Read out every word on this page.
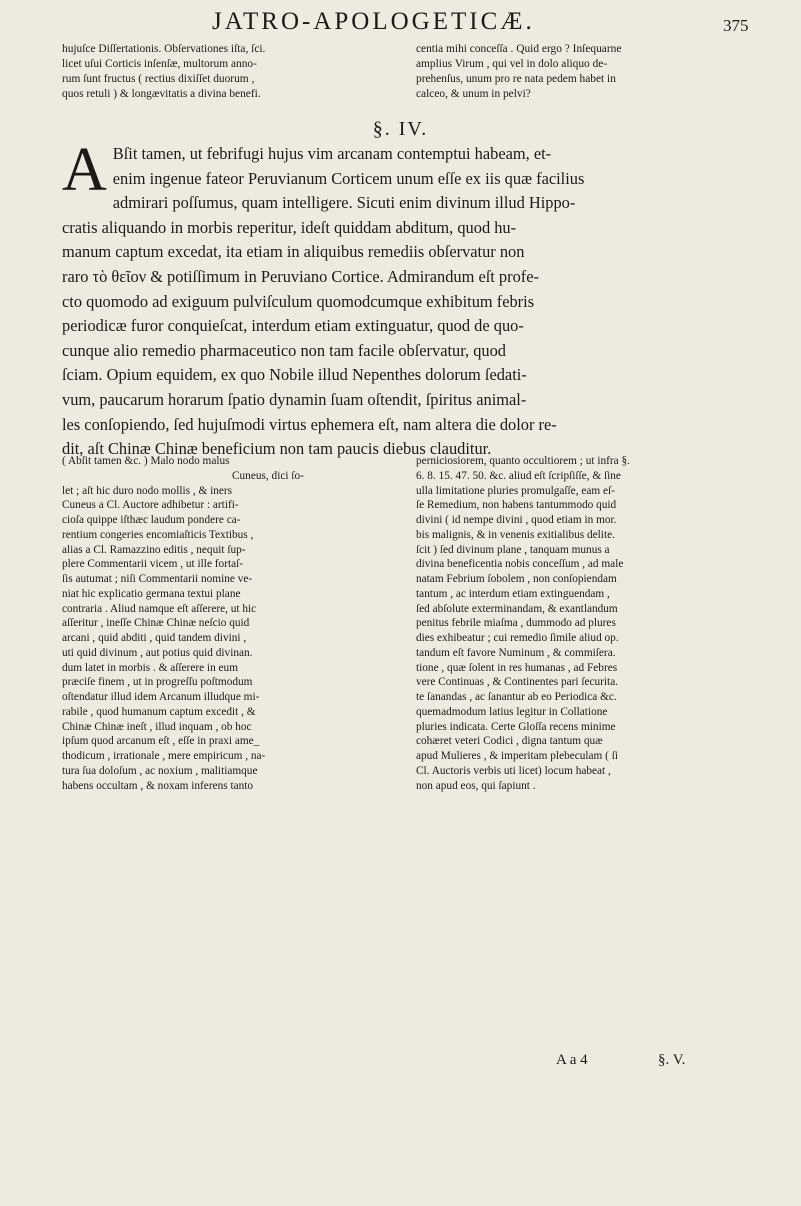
JATRO-APOLOGETICÆ.	375
hujuſce Diſſertationis. Obſervationes iſta, ſci.
licet uſui Corticis inſenſæ, multorum anno-
rum ſunt fructus ( rectius dixiſſet duorum ,
quos retuli ) & longævitatis a divina benefi.
centia mihi conceſſa . Quid ergo ? Inſequarne
amplius Virum , qui vel in dolo aliquo de-
prehenſus, unum pro re nata pedem habet in
calceo, & unum in pelvi?
§. IV.
A Bſit tamen, ut febrifugi hujus vim arcanam contemptui habeam, et-
enim ingenue fateor Peruvianum Corticem unum eſſe ex iis quæ facilius
admirari poſſumus, quam intelligere. Sicuti enim divinum illud Hippo-
cratis aliquando in morbis reperitur, ideſt quiddam abditum, quod hu-
manum captum excedat, ita etiam in aliquibus remediis obſervatur non
raro τὸ θεῖον & potiſſimum in Peruviano Cortice. Admirandum eſt profe-
cto quomodo ad exiguum pulviſculum quomodcumque exhibitum febris
periodicæ furor conquieſcat, interdum etiam extinguatur, quod de quo-
cunque alio remedio pharmaceutico non tam facile obſervatur, quod
ſciam. Opium equidem, ex quo Nobile illud Nepenthes dolorum ſedati-
vum, paucarum horarum ſpatio dynamin ſuam oſtendit, ſpiritus animal-
les conſopiendo, ſed hujuſmodi virtus ephemera eſt, nam altera die dolor re-
dit, aſt Chinæ Chinæ beneficium non tam paucis diebus clauditur.
( Abſit tamen &c. ) Malo nodo malus
Cuneus, dici ſo-
let ; aſt hic duro nodo mollis , & iners
Cuneus a Cl. Auctore adhibetur : artifi-
cioſa quippe iſthæc laudum pondere ca-
rentium congeries encomiaſticis Textibus ,
alias a Cl. Ramazzino editis , nequit ſup-
plere Commentarii vicem , ut ille fortaſ-
ſis autumat ; niſi Commentarii nomine ve-
niat hic explicatio germana textui plane
contraria . Aliud namque eſt aſſerere, ut hic
aſſeritur , ineſſe Chinæ Chinæ neſcio quid
arcani , quid abditi , quid tandem divini ,
uti quid divinum , aut potius quid divinan.
dum latet in morbis . & aſſerere in eum
præciſe finem , ut in progreſſu poſtmodum
oſtendatur illud idem Arcanum illudque mi-
rabile , quod humanum captum excedit , &
Chinæ Chinæ ineſt , illud inquam , ob hoc
ipſum quod arcanum eſt , eſſe in praxi ame_
thodicum , irrationale , mere empiricum , na-
tura ſua doloſum , ac noxium , malitiamque
habens occultam , & noxam inferens tanto
perniciosiorem, quanto occultiorem ; ut infra §.
6. 8. 15. 47. 50. &c. aliud eſt ſcripſiſſe, & ſine
ulla limitatione pluries promulgaſſe, eam eſ-
ſe Remedium, non habens tantummodo quid
divini ( id nempe divini , quod etiam in mor.
bis malignis, & in venenis exitialibus delite.
ſcit ) ſed divinum plane , tanquam munus a
divina beneficentia nobis conceſſum , ad male
natam Febrium ſobolem , non conſopiendam
tantum , ac interdum etiam extinguendam ,
ſed abſolute exterminandam, & exantlandum
penitus febrile miaſma , dummodo ad plures
dies exhibeatur ; cui remedio ſimile aliud op.
tandum eſt favore Numinum , & commiſera.
tione , quæ ſolent in res humanas , ad Febres
vere Continuas , & Continentes pari ſecurita.
te ſanandas , ac ſanantur ab eo Periodica &c.
quemadmodum latius legitur in Collatione
pluries indicata. Certe Gloſſa recens minime
cohæret veteri Codici , digna tantum quæ
apud Mulieres , & imperitam plebeculam ( ſi
Cl. Auctoris verbis uti licet) locum habeat ,
non apud eos, qui ſapiunt .
A a 4	§. V.
